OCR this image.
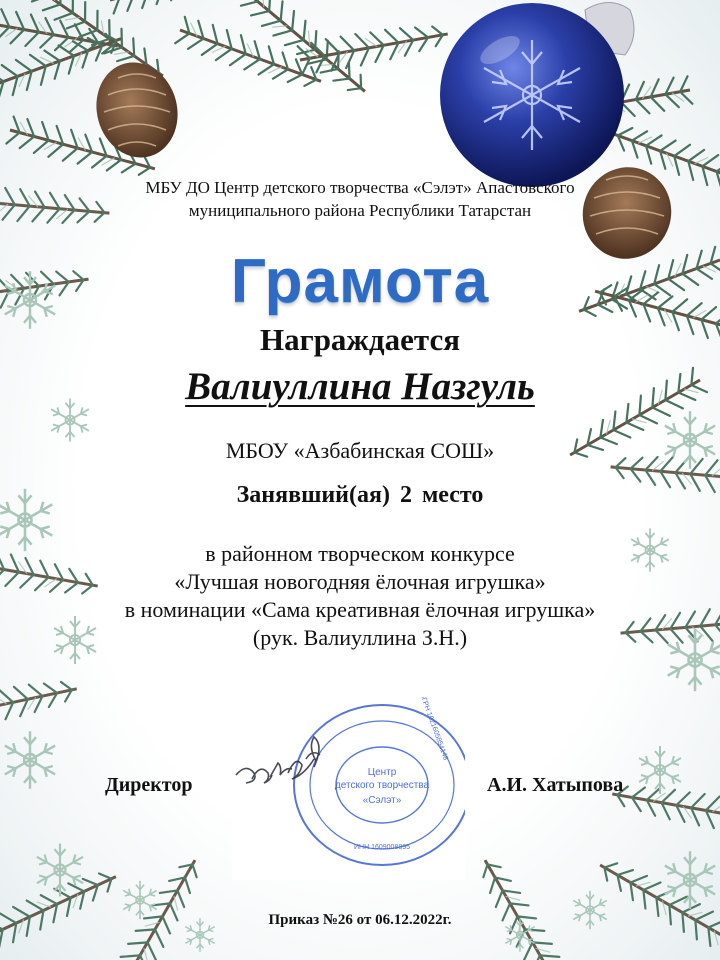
МБУ ДО Центр детского творчества «Сэлэт» Апастовского
муниципального района Республики Татарстан
Грамота
Награждается
Валиуллина Назгуль
МБОУ «Азбабинская СОШ»
Занявший(ая) 2 место
в районном творческом конкурсе
«Лучшая новогодняя ёлочная игрушка»
в номинации «Сама креативная ёлочная игрушка»
(рук. Валиуллина З.Н.)
Директор
Центр
детского творчества
«Сэлэт»
ОГРН 1021605854148
ИНН 1609008895
А.И. Хатыпова
Приказ №26 от 06.12.2022г.
